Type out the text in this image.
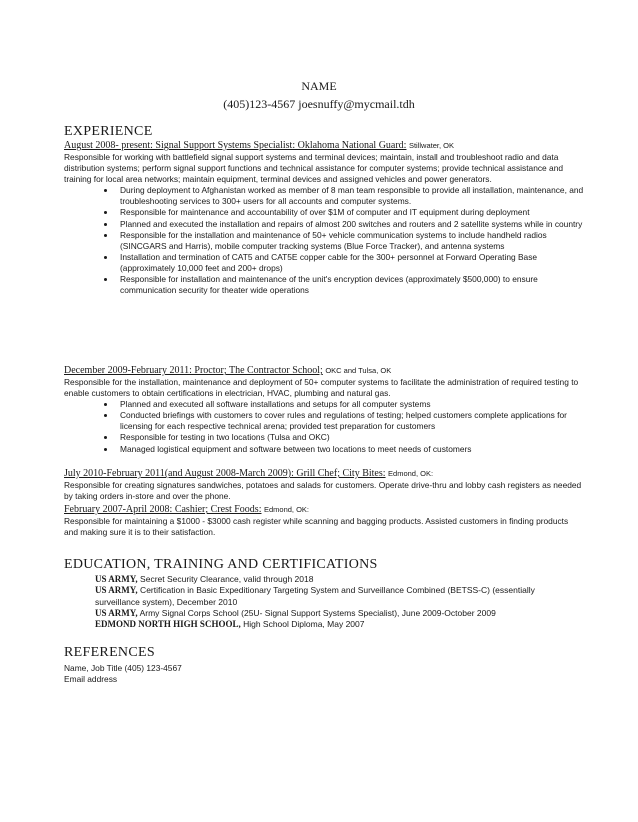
NAME
(405)123-4567 joesnuffy@mycmail.tdh
EXPERIENCE
August 2008- present: Signal Support Systems Specialist: Oklahoma National Guard: Stillwater, OK
Responsible for working with battlefield signal support systems and terminal devices; maintain, install and troubleshoot radio and data distribution systems; perform signal support functions and technical assistance for computer systems; provide technical assistance and training for local area networks; maintain equipment, terminal devices and assigned vehicles and power generators.
• During deployment to Afghanistan worked as member of 8 man team responsible to provide all installation, maintenance, and troubleshooting services to 300+ users for all accounts and computer systems.
• Responsible for maintenance and accountability of over $1M of computer and IT equipment during deployment
• Planned and executed the installation and repairs of almost 200 switches and routers and 2 satellite systems while in country
• Responsible for the installation and maintenance of 50+ vehicle communication systems to include handheld radios (SINCGARS and Harris), mobile computer tracking systems (Blue Force Tracker), and antenna systems
• Installation and termination of CAT5 and CAT5E copper cable for the 300+ personnel at Forward Operating Base (approximately 10,000 feet and 200+ drops)
• Responsible for installation and maintenance of the unit's encryption devices (approximately $500,000) to ensure communication security for theater wide operations
December 2009-February 2011: Proctor; The Contractor School; OKC and Tulsa, OK
Responsible for the installation, maintenance and deployment of 50+ computer systems to facilitate the administration of required testing to enable customers to obtain certifications in electrician, HVAC, plumbing and natural gas.
• Planned and executed all software installations and setups for all computer systems
• Conducted briefings with customers to cover rules and regulations of testing; helped customers complete applications for licensing for each respective technical arena; provided test preparation for customers
• Responsible for testing in two locations (Tulsa and OKC)
• Managed logistical equipment and software between two locations to meet needs of customers
July 2010-February 2011(and August 2008-March 2009): Grill Chef; City Bites: Edmond, OK:
Responsible for creating signatures sandwiches, potatoes and salads for customers. Operate drive-thru and lobby cash registers as needed by taking orders in-store and over the phone.
February 2007-April 2008: Cashier; Crest Foods: Edmond, OK:
Responsible for maintaining a $1000 - $3000 cash register while scanning and bagging products. Assisted customers in finding products and making sure it is to their satisfaction.
EDUCATION, TRAINING AND CERTIFICATIONS
US ARMY, Secret Security Clearance, valid through 2018
US ARMY, Certification in Basic Expeditionary Targeting System and Surveillance Combined (BETSS-C) (essentially surveillance system), December 2010
US ARMY, Army Signal Corps School (25U- Signal Support Systems Specialist), June 2009-October 2009
EDMOND NORTH HIGH SCHOOL, High School Diploma, May 2007
REFERENCES
Name, Job Title (405) 123-4567
Email address
